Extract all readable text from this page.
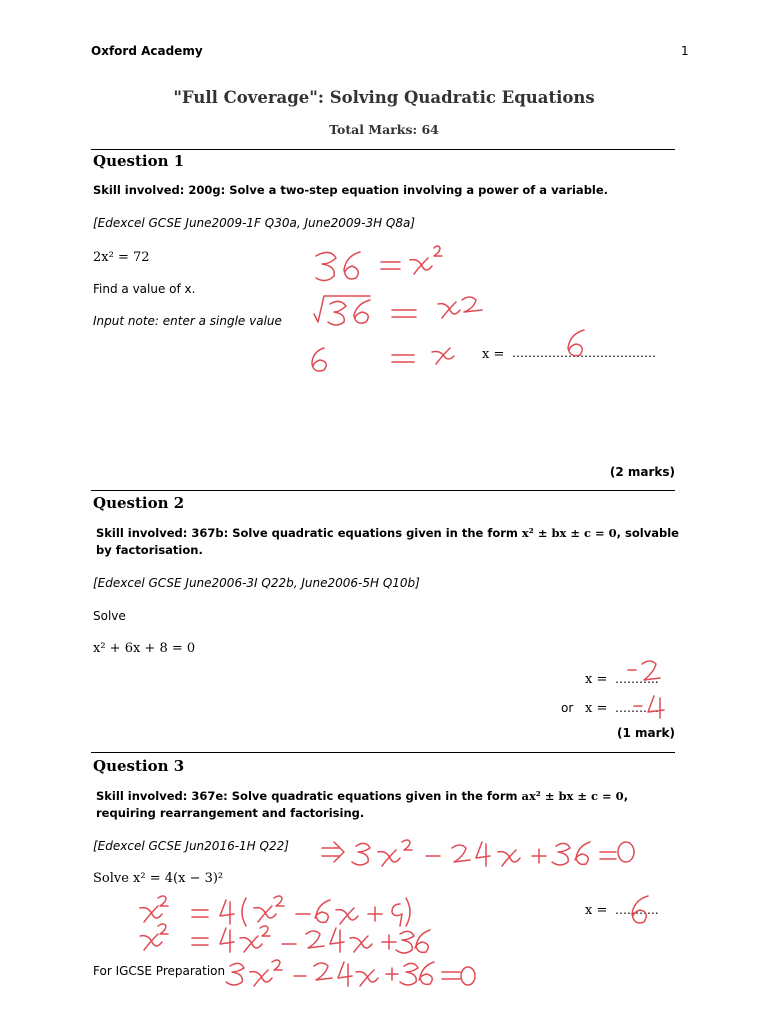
Oxford Academy	1
"Full Coverage": Solving Quadratic Equations
Total Marks: 64
Question 1
Skill involved: 200g: Solve a two-step equation involving a power of a variable.
[Edexcel GCSE June2009-1F Q30a, June2009-3H Q8a]
2x² = 72
Find a value of x.
Input note: enter a single value
x = ………………………………
(2 marks)
Question 2
Skill involved: 367b: Solve quadratic equations given in the form x² ± bx ± c = 0, solvable by factorisation.
[Edexcel GCSE June2006-3I Q22b, June2006-5H Q10b]
Solve
x² + 6x + 8 = 0
x = ………..
or x = ………..
(1 mark)
Question 3
Skill involved: 367e: Solve quadratic equations given in the form ax² ± bx ± c = 0, requiring rearrangement and factorising.
[Edexcel GCSE Jun2016-1H Q22]
Solve x² = 4(x − 3)²
x = ………..
For IGCSE Preparation
